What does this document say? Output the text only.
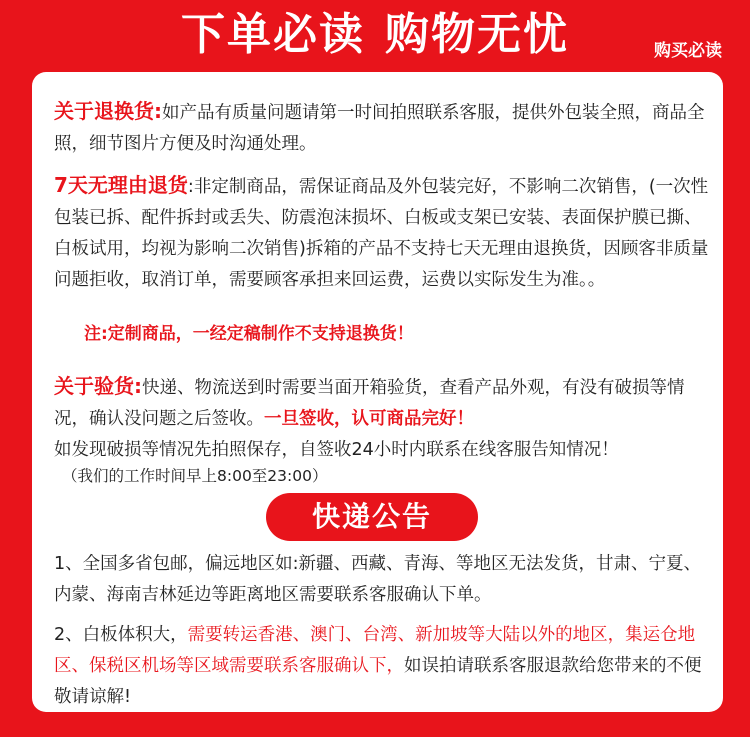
下单必读 购物无忧	购买必读
关于退换货:如产品有质量问题请第一时间拍照联系客服，提供外包装全照，商品全照，细节图片方便及时沟通处理。
7天无理由退货:非定制商品，需保证商品及外包装完好，不影响二次销售，(一次性包装已拆、配件拆封或丢失、防震泡沫损坏、白板或支架已安装、表面保护膜已撕、白板试用，均视为影响二次销售)拆箱的产品不支持七天无理由退换货，因顾客非质量问题拒收，取消订单，需要顾客承担来回运费，运费以实际发生为准。。
注:定制商品，一经定稿制作不支持退换货！
关于验货:快递、物流送到时需要当面开箱验货，查看产品外观，有没有破损等情况，确认没问题之后签收。一旦签收，认可商品完好！
如发现破损等情况先拍照保存，自签收24小时内联系在线客服告知情况！
（我们的工作时间早上8:00至23:00）
快递公告
1、全国多省包邮，偏远地区如:新疆、西藏、青海、等地区无法发货，甘肃、宁夏、内蒙、海南吉林延边等距离地区需要联系客服确认下单。
2、白板体积大，需要转运香港、澳门、台湾、新加坡等大陆以外的地区，集运仓地区、保税区机场等区域需要联系客服确认下，如误拍请联系客服退款给您带来的不便敬请谅解!
